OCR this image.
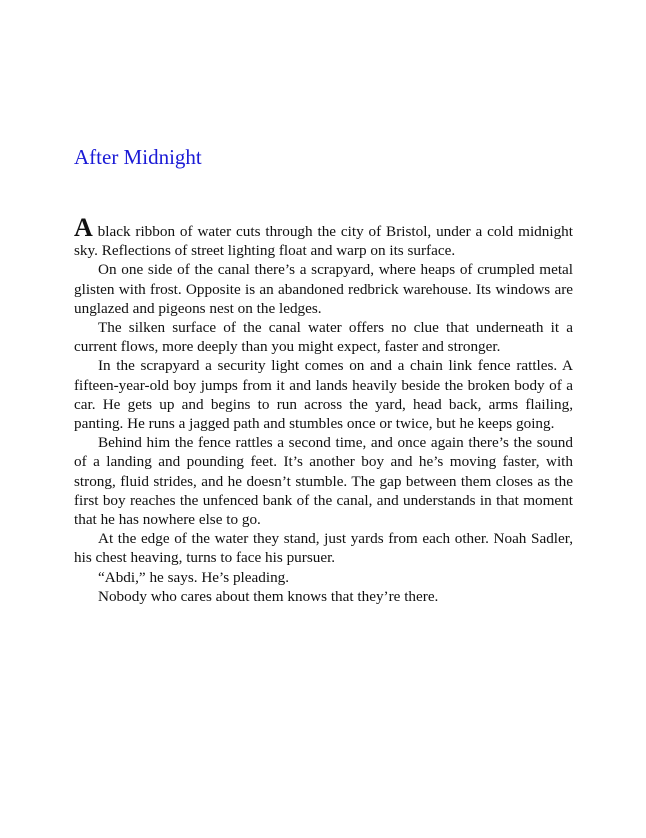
After Midnight

A black ribbon of water cuts through the city of Bristol, under a cold midnight sky. Reflections of street lighting float and warp on its surface.

On one side of the canal there’s a scrapyard, where heaps of crumpled metal glisten with frost. Opposite is an abandoned redbrick warehouse. Its windows are unglazed and pigeons nest on the ledges.

The silken surface of the canal water offers no clue that underneath it a current flows, more deeply than you might expect, faster and stronger.

In the scrapyard a security light comes on and a chain link fence rattles. A fifteen-year-old boy jumps from it and lands heavily beside the broken body of a car. He gets up and begins to run across the yard, head back, arms flailing, panting. He runs a jagged path and stumbles once or twice, but he keeps going.

Behind him the fence rattles a second time, and once again there’s the sound of a landing and pounding feet. It’s another boy and he’s moving faster, with strong, fluid strides, and he doesn’t stumble. The gap between them closes as the first boy reaches the unfenced bank of the canal, and understands in that moment that he has nowhere else to go.

At the edge of the water they stand, just yards from each other. Noah Sadler, his chest heaving, turns to face his pursuer.

“Abdi,” he says. He’s pleading.

Nobody who cares about them knows that they’re there.
